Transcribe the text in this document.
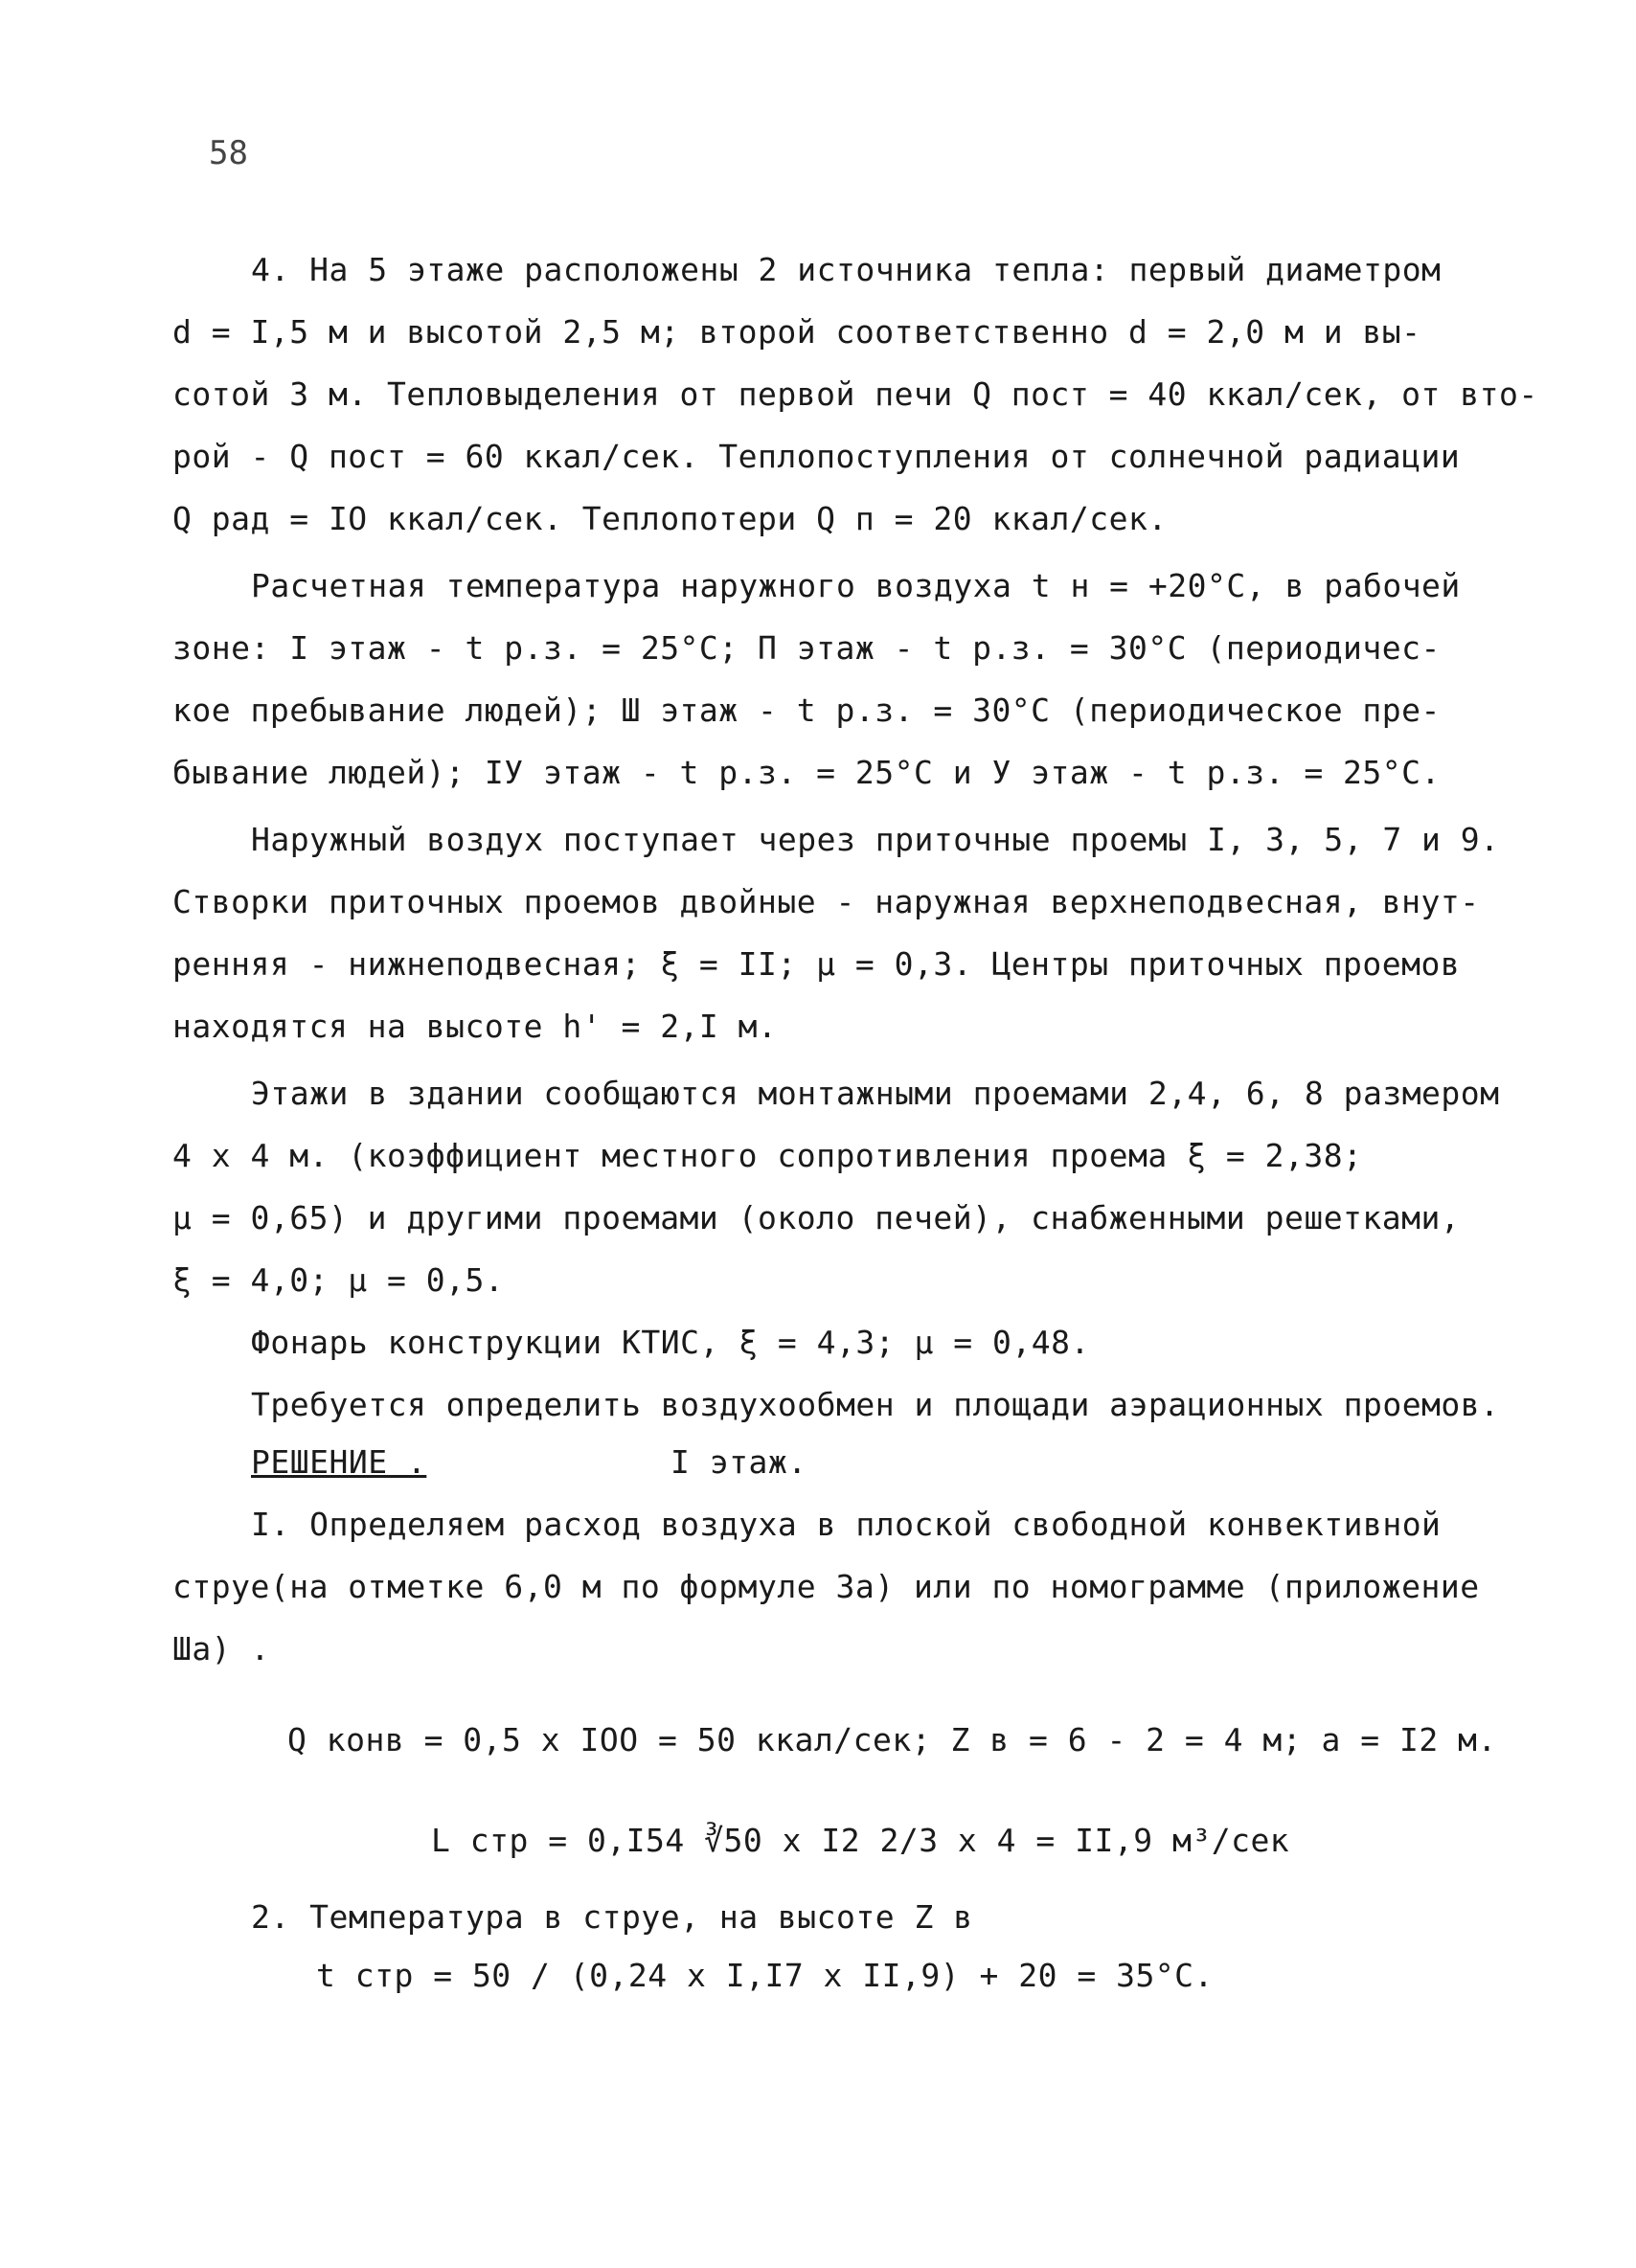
58
4. На 5 этаже расположены 2 источника тепла: первый диаметром
d = I,5 м и высотой 2,5 м; второй соответственно d = 2,0 м и вы-
сотой 3 м. Тепловыделения от первой печи Q пост = 40 ккал/сек, от вто-
рой - Q пост = 60 ккал/сек. Теплопоступления от солнечной радиации
Q рад = IO ккал/сек. Теплопотери Q п = 20 ккал/сек.
Расчетная температура наружного воздуха t н = +20°C, в рабочей
зоне: I этаж - t р.з. = 25°C; П этаж - t р.з. = 30°C (периодичес-
кое пребывание людей); Ш этаж - t р.з. = 30°C (периодическое пре-
бывание людей); IУ этаж - t р.з. = 25°C и У этаж - t р.з. = 25°C.
Наружный воздух поступает через приточные проемы I, 3, 5, 7 и 9.
Створки приточных проемов двойные - наружная верхнеподвесная, внут-
ренняя - нижнеподвесная; ξ = II; μ = 0,3. Центры приточных проемов
находятся на высоте h' = 2,I м.
Этажи в здании сообщаются монтажными проемами 2,4, 6, 8 размером
4 х 4 м. (коэффициент местного сопротивления проема ξ = 2,38;
μ = 0,65) и другими проемами (около печей), снабженными решетками,
ξ = 4,0; μ = 0,5.
Фонарь конструкции КТИС, ξ = 4,3; μ = 0,48.
Требуется определить воздухообмен и площади аэрационных проемов.
РЕШЕНИЕ .	I этаж.
I. Определяем расход воздуха в плоской свободной конвективной
струе(на отметке 6,0 м по формуле 3а) или по номограмме (приложение
Ша) .
Q конв = 0,5 х IOO = 50 ккал/сек; Z в = 6 - 2 = 4 м; a = I2 м.
L стр = 0,I54 ∛50 х I2 2/3 х 4 = II,9 м³/сек
2. Температура в струе, на высоте Z в
t стр = 50 / (0,24 х I,I7 х II,9) + 20 = 35°C.
